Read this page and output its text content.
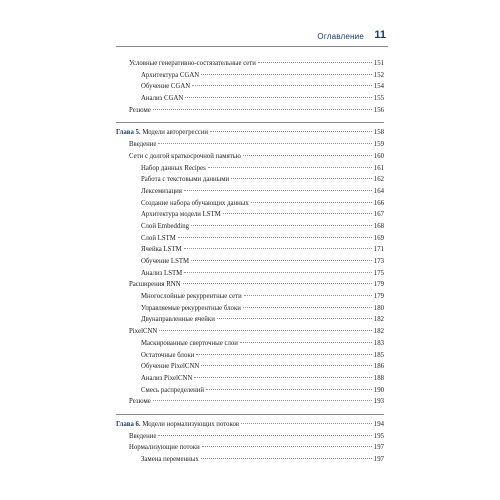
Оглавление 11
Условные генеративно-состязательные сети	151
Архитектура CGAN	152
Обучение CGAN	154
Анализ CGAN	155
Резюме	156
Глава 5. Модели авторегрессии	158
Введение	159
Сети с долгой краткосрочной памятью	160
Набор данных Recipes	161
Работа с текстовыми данными	162
Лексемизация	164
Создание набора обучающих данных	166
Архитектура модели LSTM	167
Слой Embedding	168
Слой LSTM	169
Ячейка LSTM	171
Обучение LSTM	173
Анализ LSTM	175
Расширения RNN	179
Многослойные рекуррентные сети	179
Управляемые рекуррентные блоки	180
Двунаправленные ячейки	182
PixelCNN	182
Маскированные сверточные слои	183
Остаточные блоки	185
Обучение PixelCNN	186
Анализ PixelCNN	188
Смесь распределений	190
Резюме	193
Глава 6. Модели нормализующих потоков	194
Введение	195
Нормализующие потоки	197
Замена переменных	197
